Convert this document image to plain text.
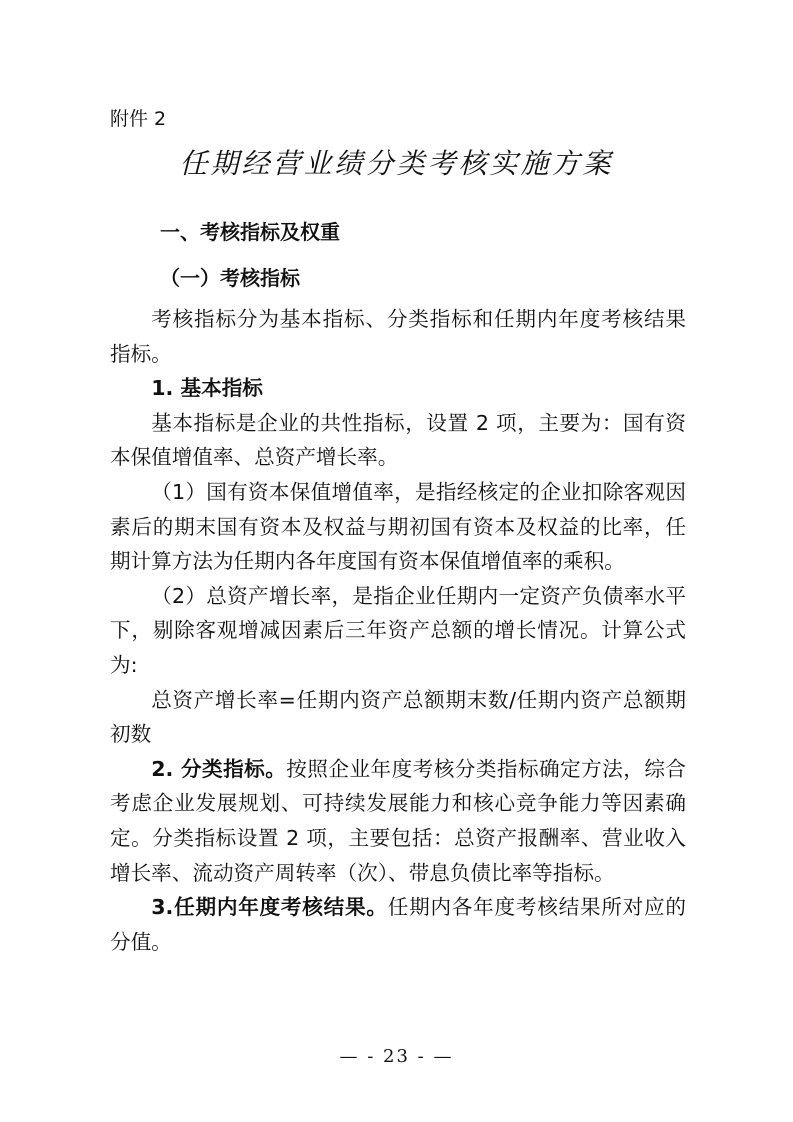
附件 2
任期经营业绩分类考核实施方案
一、考核指标及权重
（一）考核指标

考核指标分为基本指标、分类指标和任期内年度考核结果指标。

1. 基本指标

基本指标是企业的共性指标，设置 2 项，主要为：国有资本保值增值率、总资产增长率。

（1）国有资本保值增值率，是指经核定的企业扣除客观因素后的期末国有资本及权益与期初国有资本及权益的比率，任期计算方法为任期内各年度国有资本保值增值率的乘积。

（2）总资产增长率，是指企业任期内一定资产负债率水平下，剔除客观增减因素后三年资产总额的增长情况。计算公式为:

总资产增长率=任期内资产总额期末数/任期内资产总额期初数

2. 分类指标。按照企业年度考核分类指标确定方法，综合考虑企业发展规划、可持续发展能力和核心竞争能力等因素确定。分类指标设置 2 项，主要包括：总资产报酬率、营业收入增长率、流动资产周转率（次）、带息负债比率等指标。

3.任期内年度考核结果。任期内各年度考核结果所对应的分值。

— - 23 - —
